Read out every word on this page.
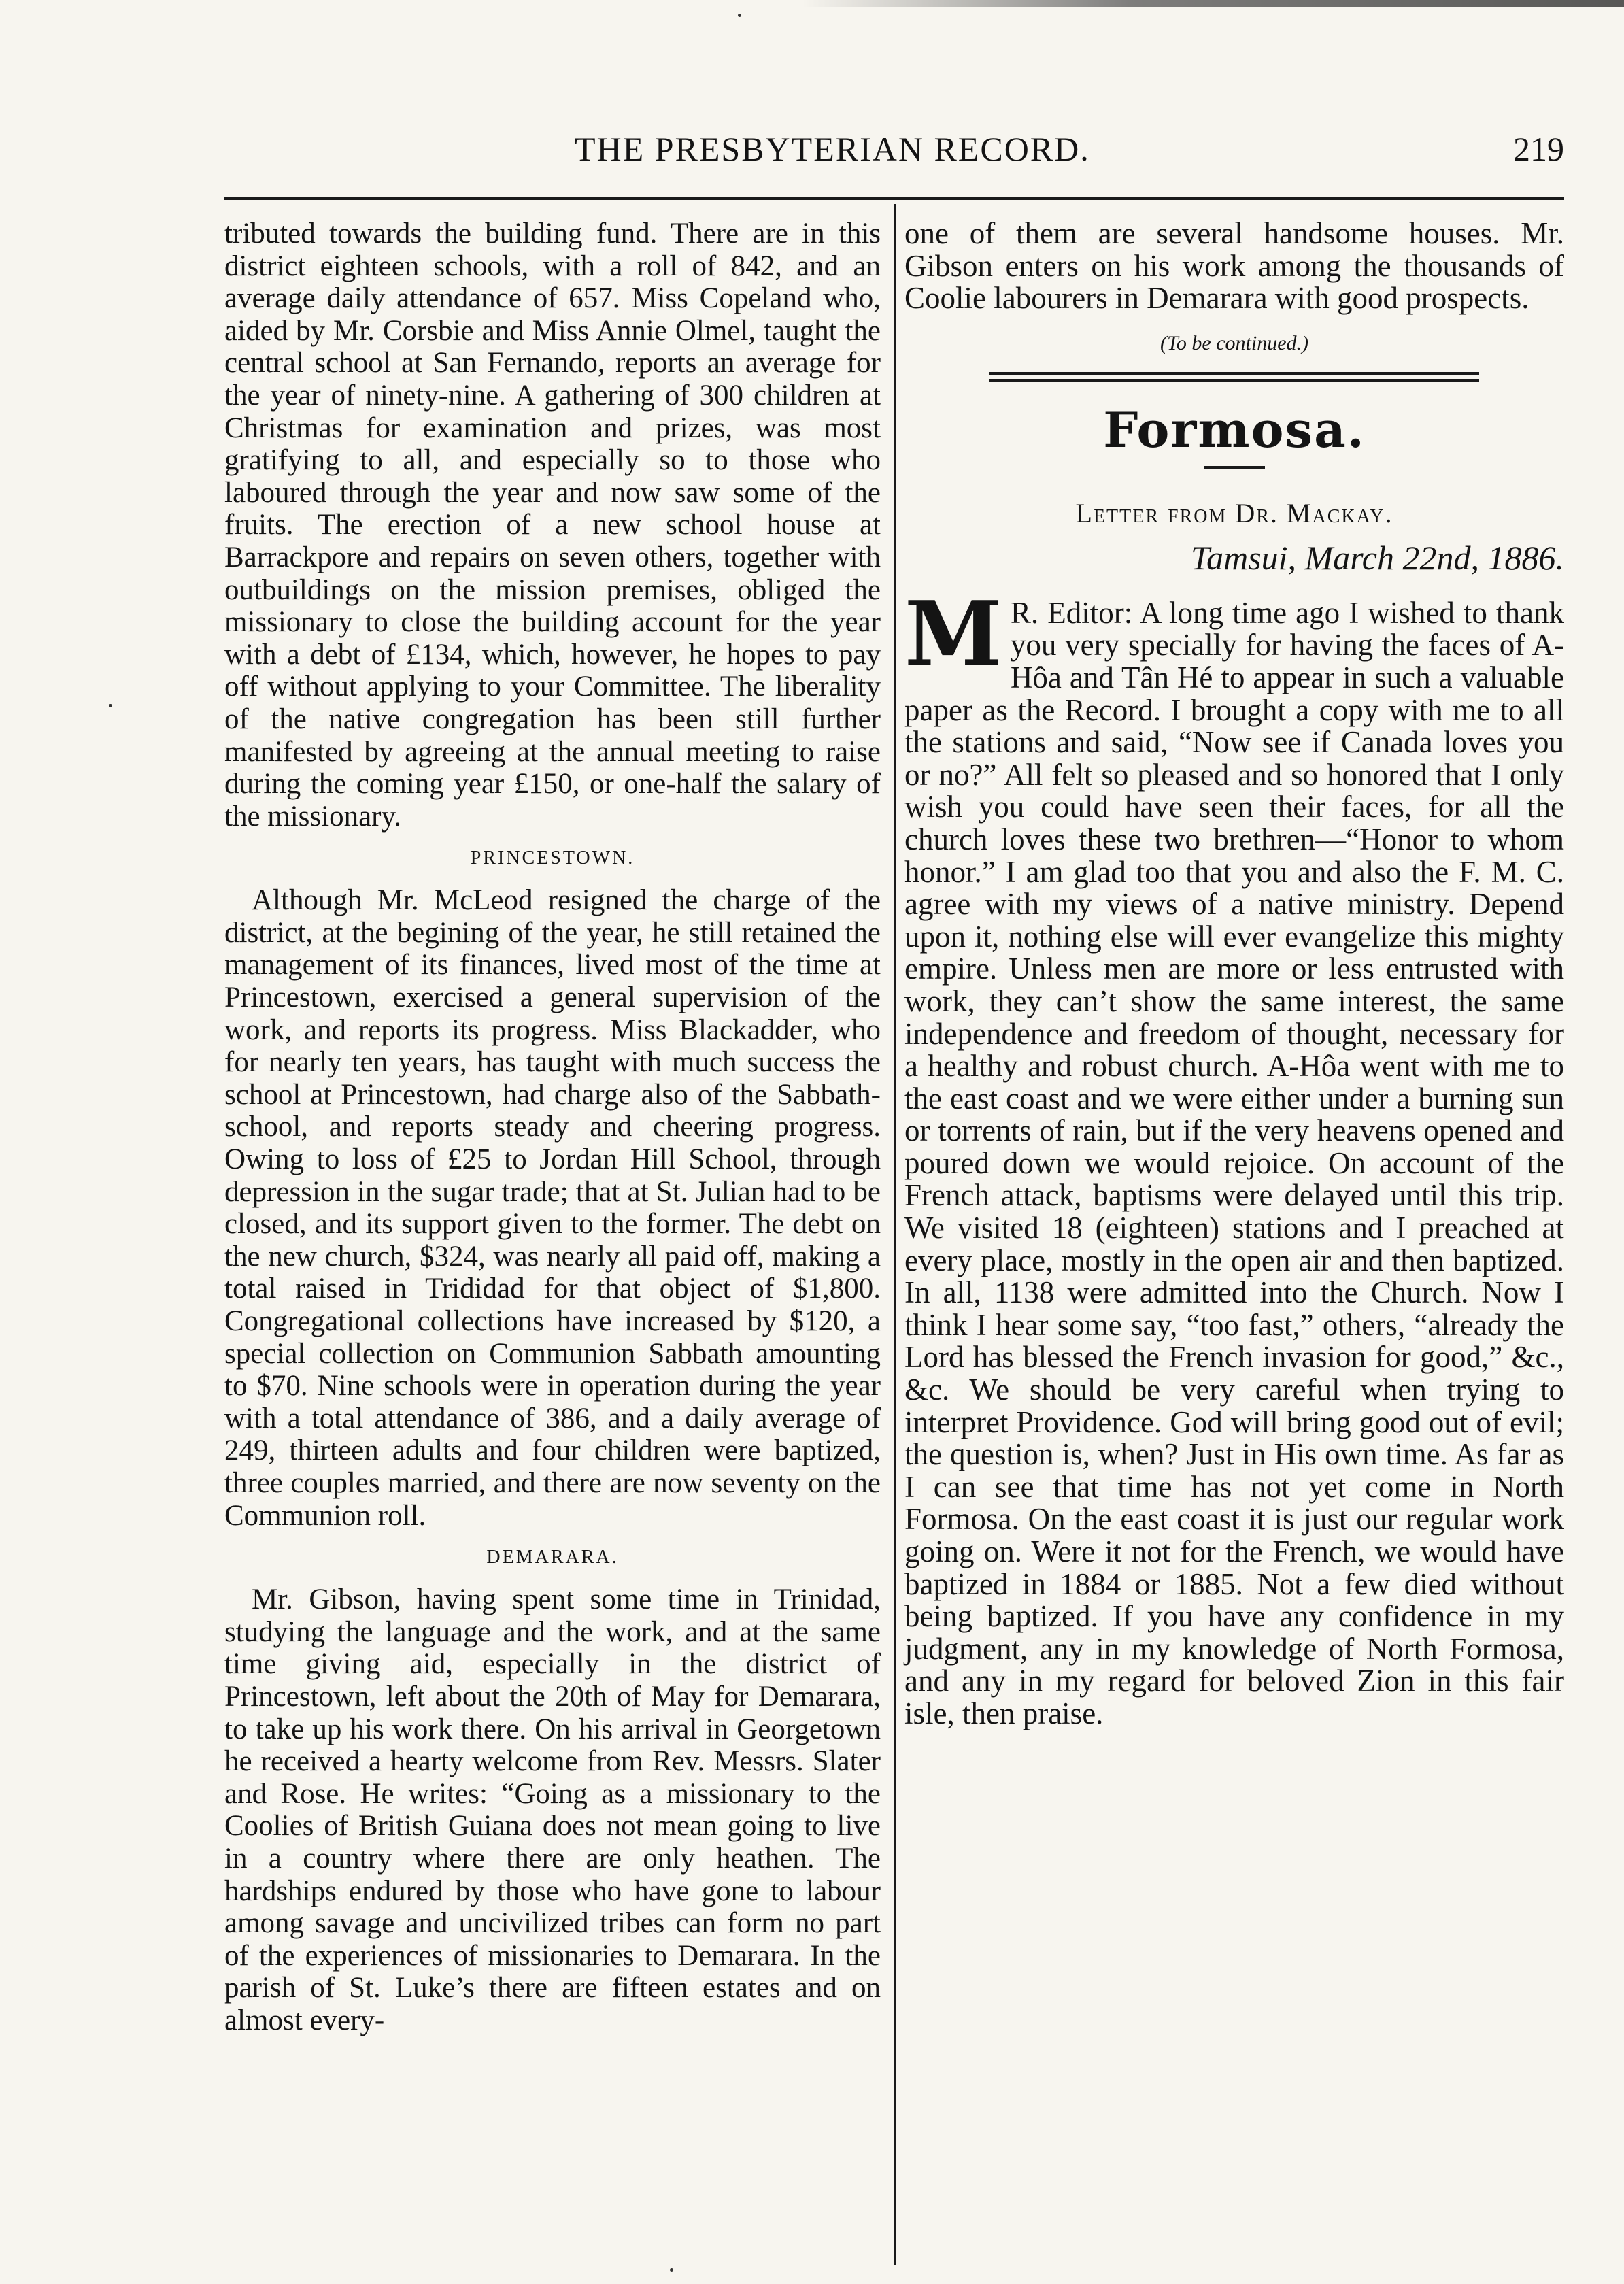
THE PRESBYTERIAN RECORD.	219

tributed towards the building fund. There are in this district eighteen schools, with a roll of 842, and an average daily attendance of 657. Miss Copeland who, aided by Mr. Corsbie and Miss Annie Olmel, taught the central school at San Fernando, reports an average for the year of ninety-nine. A gathering of 300 children at Christmas for examination and prizes, was most gratifying to all, and especially so to those who laboured through the year and now saw some of the fruits. The erection of a new school house at Barrackpore and repairs on seven others, together with outbuildings on the mission premises, obliged the missionary to close the building account for the year with a debt of £134, which, however, he hopes to pay off without applying to your Committee. The liberality of the native congregation has been still further manifested by agreeing at the annual meeting to raise during the coming year £150, or one-half the salary of the missionary.

PRINCESTOWN.

Although Mr. McLeod resigned the charge of the district, at the begining of the year, he still retained the management of its finances, lived most of the time at Princestown, exercised a general supervision of the work, and reports its progress. Miss Blackadder, who for nearly ten years, has taught with much success the school at Princestown, had charge also of the Sabbath-school, and reports steady and cheering progress. Owing to loss of £25 to Jordan Hill School, through depression in the sugar trade; that at St. Julian had to be closed, and its support given to the former. The debt on the new church, $324, was nearly all paid off, making a total raised in Trididad for that object of $1,800. Congregational collections have increased by $120, a special collection on Communion Sabbath amounting to $70. Nine schools were in operation during the year with a total attendance of 386, and a daily average of 249, thirteen adults and four children were baptized, three couples married, and there are now seventy on the Communion roll.

DEMARARA.

Mr. Gibson, having spent some time in Trinidad, studying the language and the work, and at the same time giving aid, especially in the district of Princestown, left about the 20th of May for Demarara, to take up his work there. On his arrival in Georgetown he received a hearty welcome from Rev. Messrs. Slater and Rose. He writes: “Going as a missionary to the Coolies of British Guiana does not mean going to live in a country where there are only heathen. The hardships endured by those who have gone to labour among savage and uncivilized tribes can form no part of the experiences of missionaries to Demarara. In the parish of St. Luke’s there are fifteen estates and on almost every-

one of them are several handsome houses. Mr. Gibson enters on his work among the thousands of Coolie labourers in Demarara with good prospects.

(To be continued.)
Formosa.
Letter from Dr. Mackay.
Tamsui, March 22nd, 1886.

M R. Editor: A long time ago I wished to thank you very specially for having the faces of A-Hôa and Tân Hé to appear in such a valuable paper as the Record. I brought a copy with me to all the stations and said, “Now see if Canada loves you or no?” All felt so pleased and so honored that I only wish you could have seen their faces, for all the church loves these two brethren—“Honor to whom honor.” I am glad too that you and also the F. M. C. agree with my views of a native ministry. Depend upon it, nothing else will ever evangelize this mighty empire. Unless men are more or less entrusted with work, they can’t show the same interest, the same independence and freedom of thought, necessary for a healthy and robust church. A-Hôa went with me to the east coast and we were either under a burning sun or torrents of rain, but if the very heavens opened and poured down we would rejoice. On account of the French attack, baptisms were delayed until this trip. We visited 18 (eighteen) stations and I preached at every place, mostly in the open air and then baptized. In all, 1138 were admitted into the Church. Now I think I hear some say, “too fast,” others, “already the Lord has blessed the French invasion for good,” &c., &c. We should be very careful when trying to interpret Providence. God will bring good out of evil; the question is, when? Just in His own time. As far as I can see that time has not yet come in North Formosa. On the east coast it is just our regular work going on. Were it not for the French, we would have baptized in 1884 or 1885. Not a few died without being baptized. If you have any confidence in my judgment, any in my knowledge of North Formosa, and any in my regard for beloved Zion in this fair isle, then praise.
